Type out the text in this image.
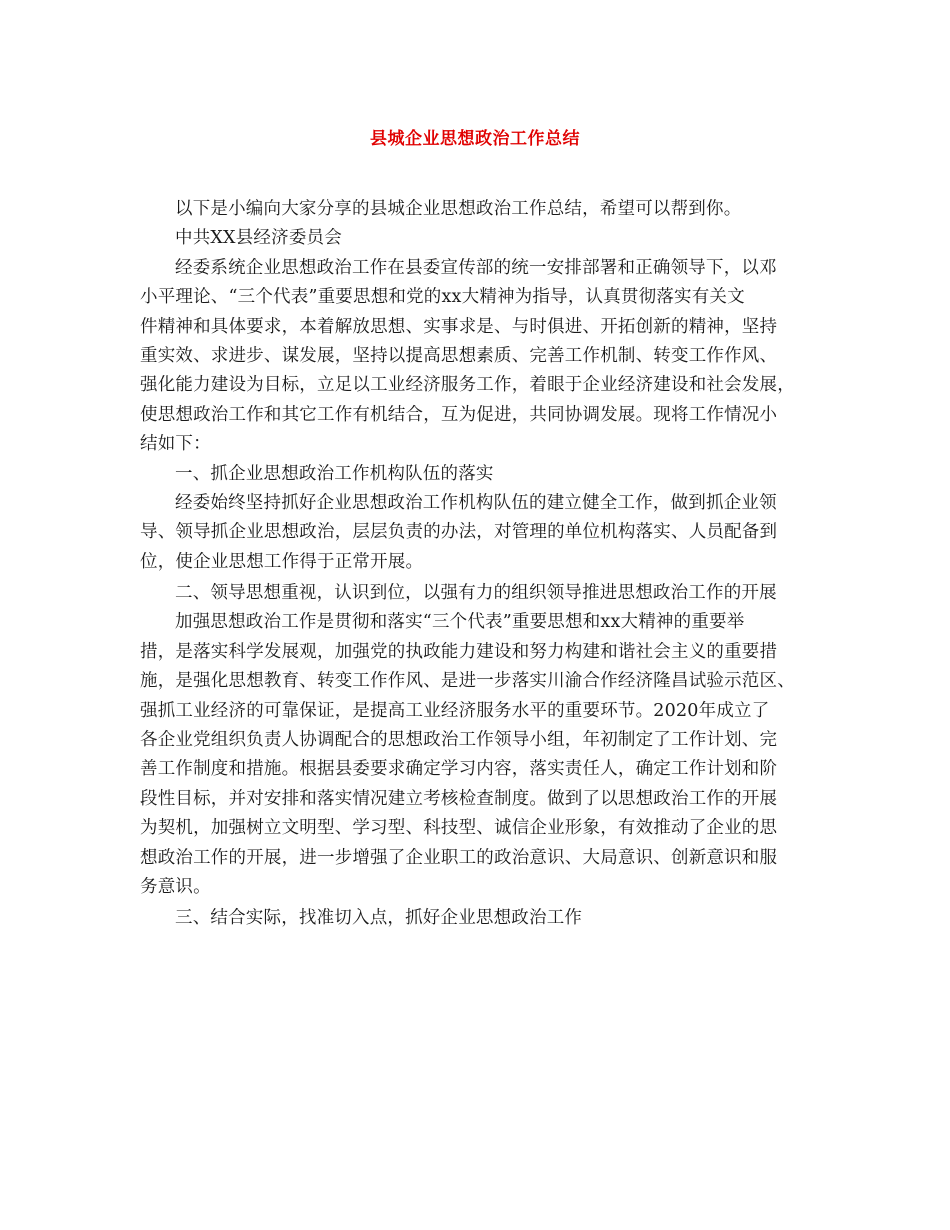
县城企业思想政治工作总结
以下是小编向大家分享的县城企业思想政治工作总结，希望可以帮到你。
中共XX县经济委员会
经委系统企业思想政治工作在县委宣传部的统一安排部署和正确领导下，以邓
小平理论、“三个代表”重要思想和党的xx大精神为指导，认真贯彻落实有关文
件精神和具体要求，本着解放思想、实事求是、与时俱进、开拓创新的精神，坚持
重实效、求进步、谋发展，坚持以提高思想素质、完善工作机制、转变工作作风、
强化能力建设为目标，立足以工业经济服务工作，着眼于企业经济建设和社会发展，
使思想政治工作和其它工作有机结合，互为促进，共同协调发展。现将工作情况小
结如下：
一、抓企业思想政治工作机构队伍的落实
经委始终坚持抓好企业思想政治工作机构队伍的建立健全工作，做到抓企业领
导、领导抓企业思想政治，层层负责的办法，对管理的单位机构落实、人员配备到
位，使企业思想工作得于正常开展。
二、领导思想重视，认识到位，以强有力的组织领导推进思想政治工作的开展
加强思想政治工作是贯彻和落实“三个代表”重要思想和xx大精神的重要举
措，是落实科学发展观，加强党的执政能力建设和努力构建和谐社会主义的重要措
施，是强化思想教育、转变工作作风、是进一步落实川渝合作经济隆昌试验示范区、
强抓工业经济的可靠保证，是提高工业经济服务水平的重要环节。2020年成立了
各企业党组织负责人协调配合的思想政治工作领导小组，年初制定了工作计划、完
善工作制度和措施。根据县委要求确定学习内容，落实责任人，确定工作计划和阶
段性目标，并对安排和落实情况建立考核检查制度。做到了以思想政治工作的开展
为契机，加强树立文明型、学习型、科技型、诚信企业形象，有效推动了企业的思
想政治工作的开展，进一步增强了企业职工的政治意识、大局意识、创新意识和服
务意识。
三、结合实际，找准切入点，抓好企业思想政治工作
